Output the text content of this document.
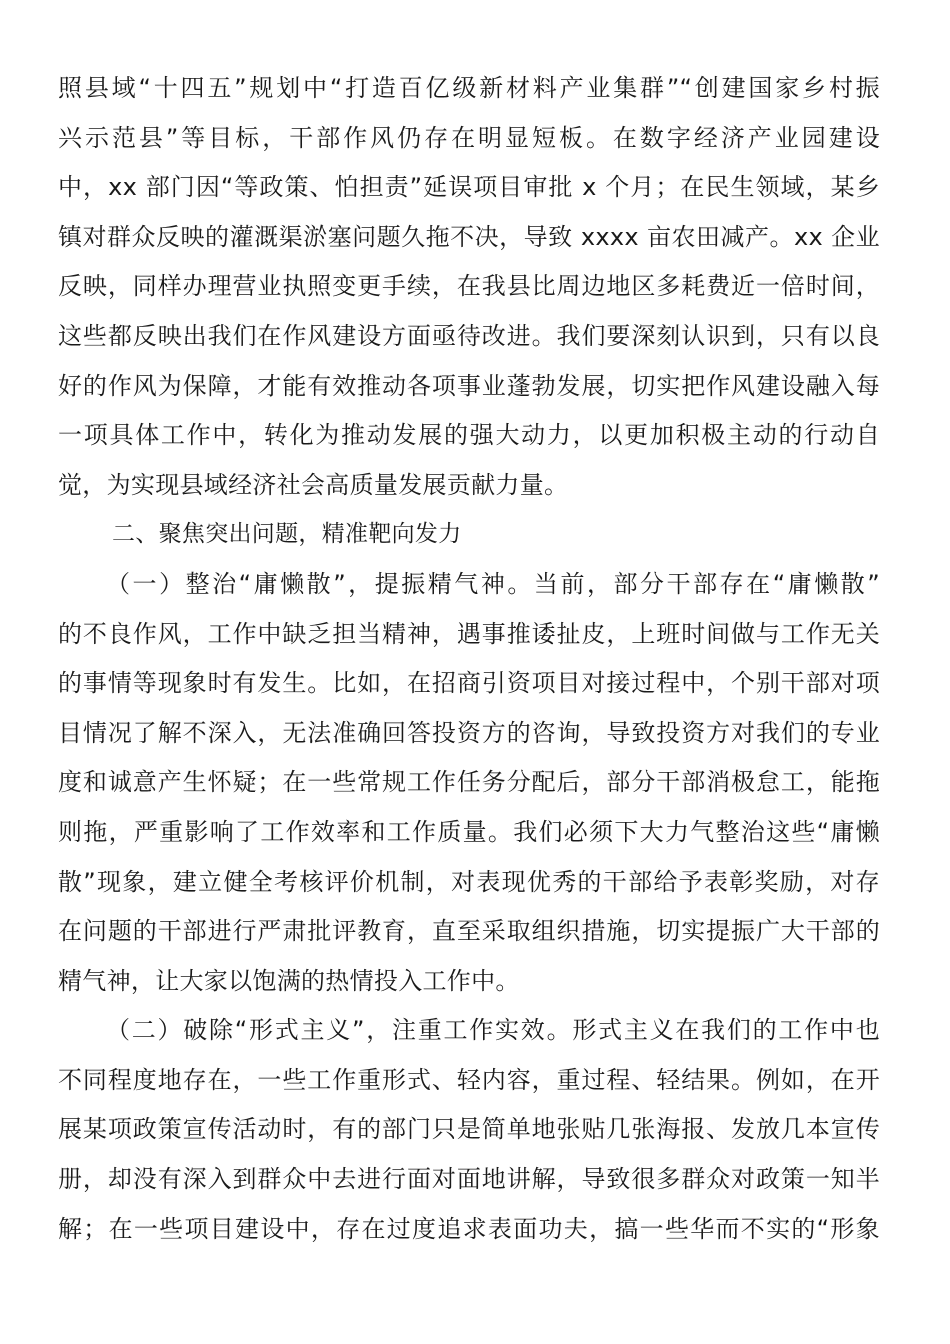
照县域“十四五”规划中“打造百亿级新材料产业集群”“创建国家乡村振
兴示范县”等目标，干部作风仍存在明显短板。在数字经济产业园建设
中，xx 部门因“等政策、怕担责”延误项目审批 x 个月；在民生领域，某乡
镇对群众反映的灌溉渠淤塞问题久拖不决，导致 xxxx 亩农田减产。xx 企业
反映，同样办理营业执照变更手续，在我县比周边地区多耗费近一倍时间，
这些都反映出我们在作风建设方面亟待改进。我们要深刻认识到，只有以良
好的作风为保障，才能有效推动各项事业蓬勃发展，切实把作风建设融入每
一项具体工作中，转化为推动发展的强大动力，以更加积极主动的行动自
觉，为实现县域经济社会高质量发展贡献力量。
二、聚焦突出问题，精准靶向发力
（一）整治“庸懒散”，提振精气神。当前，部分干部存在“庸懒散”
的不良作风，工作中缺乏担当精神，遇事推诿扯皮，上班时间做与工作无关
的事情等现象时有发生。比如，在招商引资项目对接过程中，个别干部对项
目情况了解不深入，无法准确回答投资方的咨询，导致投资方对我们的专业
度和诚意产生怀疑；在一些常规工作任务分配后，部分干部消极怠工，能拖
则拖，严重影响了工作效率和工作质量。我们必须下大力气整治这些“庸懒
散”现象，建立健全考核评价机制，对表现优秀的干部给予表彰奖励，对存
在问题的干部进行严肃批评教育，直至采取组织措施，切实提振广大干部的
精气神，让大家以饱满的热情投入工作中。
（二）破除“形式主义”，注重工作实效。形式主义在我们的工作中也
不同程度地存在，一些工作重形式、轻内容，重过程、轻结果。例如，在开
展某项政策宣传活动时，有的部门只是简单地张贴几张海报、发放几本宣传
册，却没有深入到群众中去进行面对面地讲解，导致很多群众对政策一知半
解；在一些项目建设中，存在过度追求表面功夫，搞一些华而不实的“形象
